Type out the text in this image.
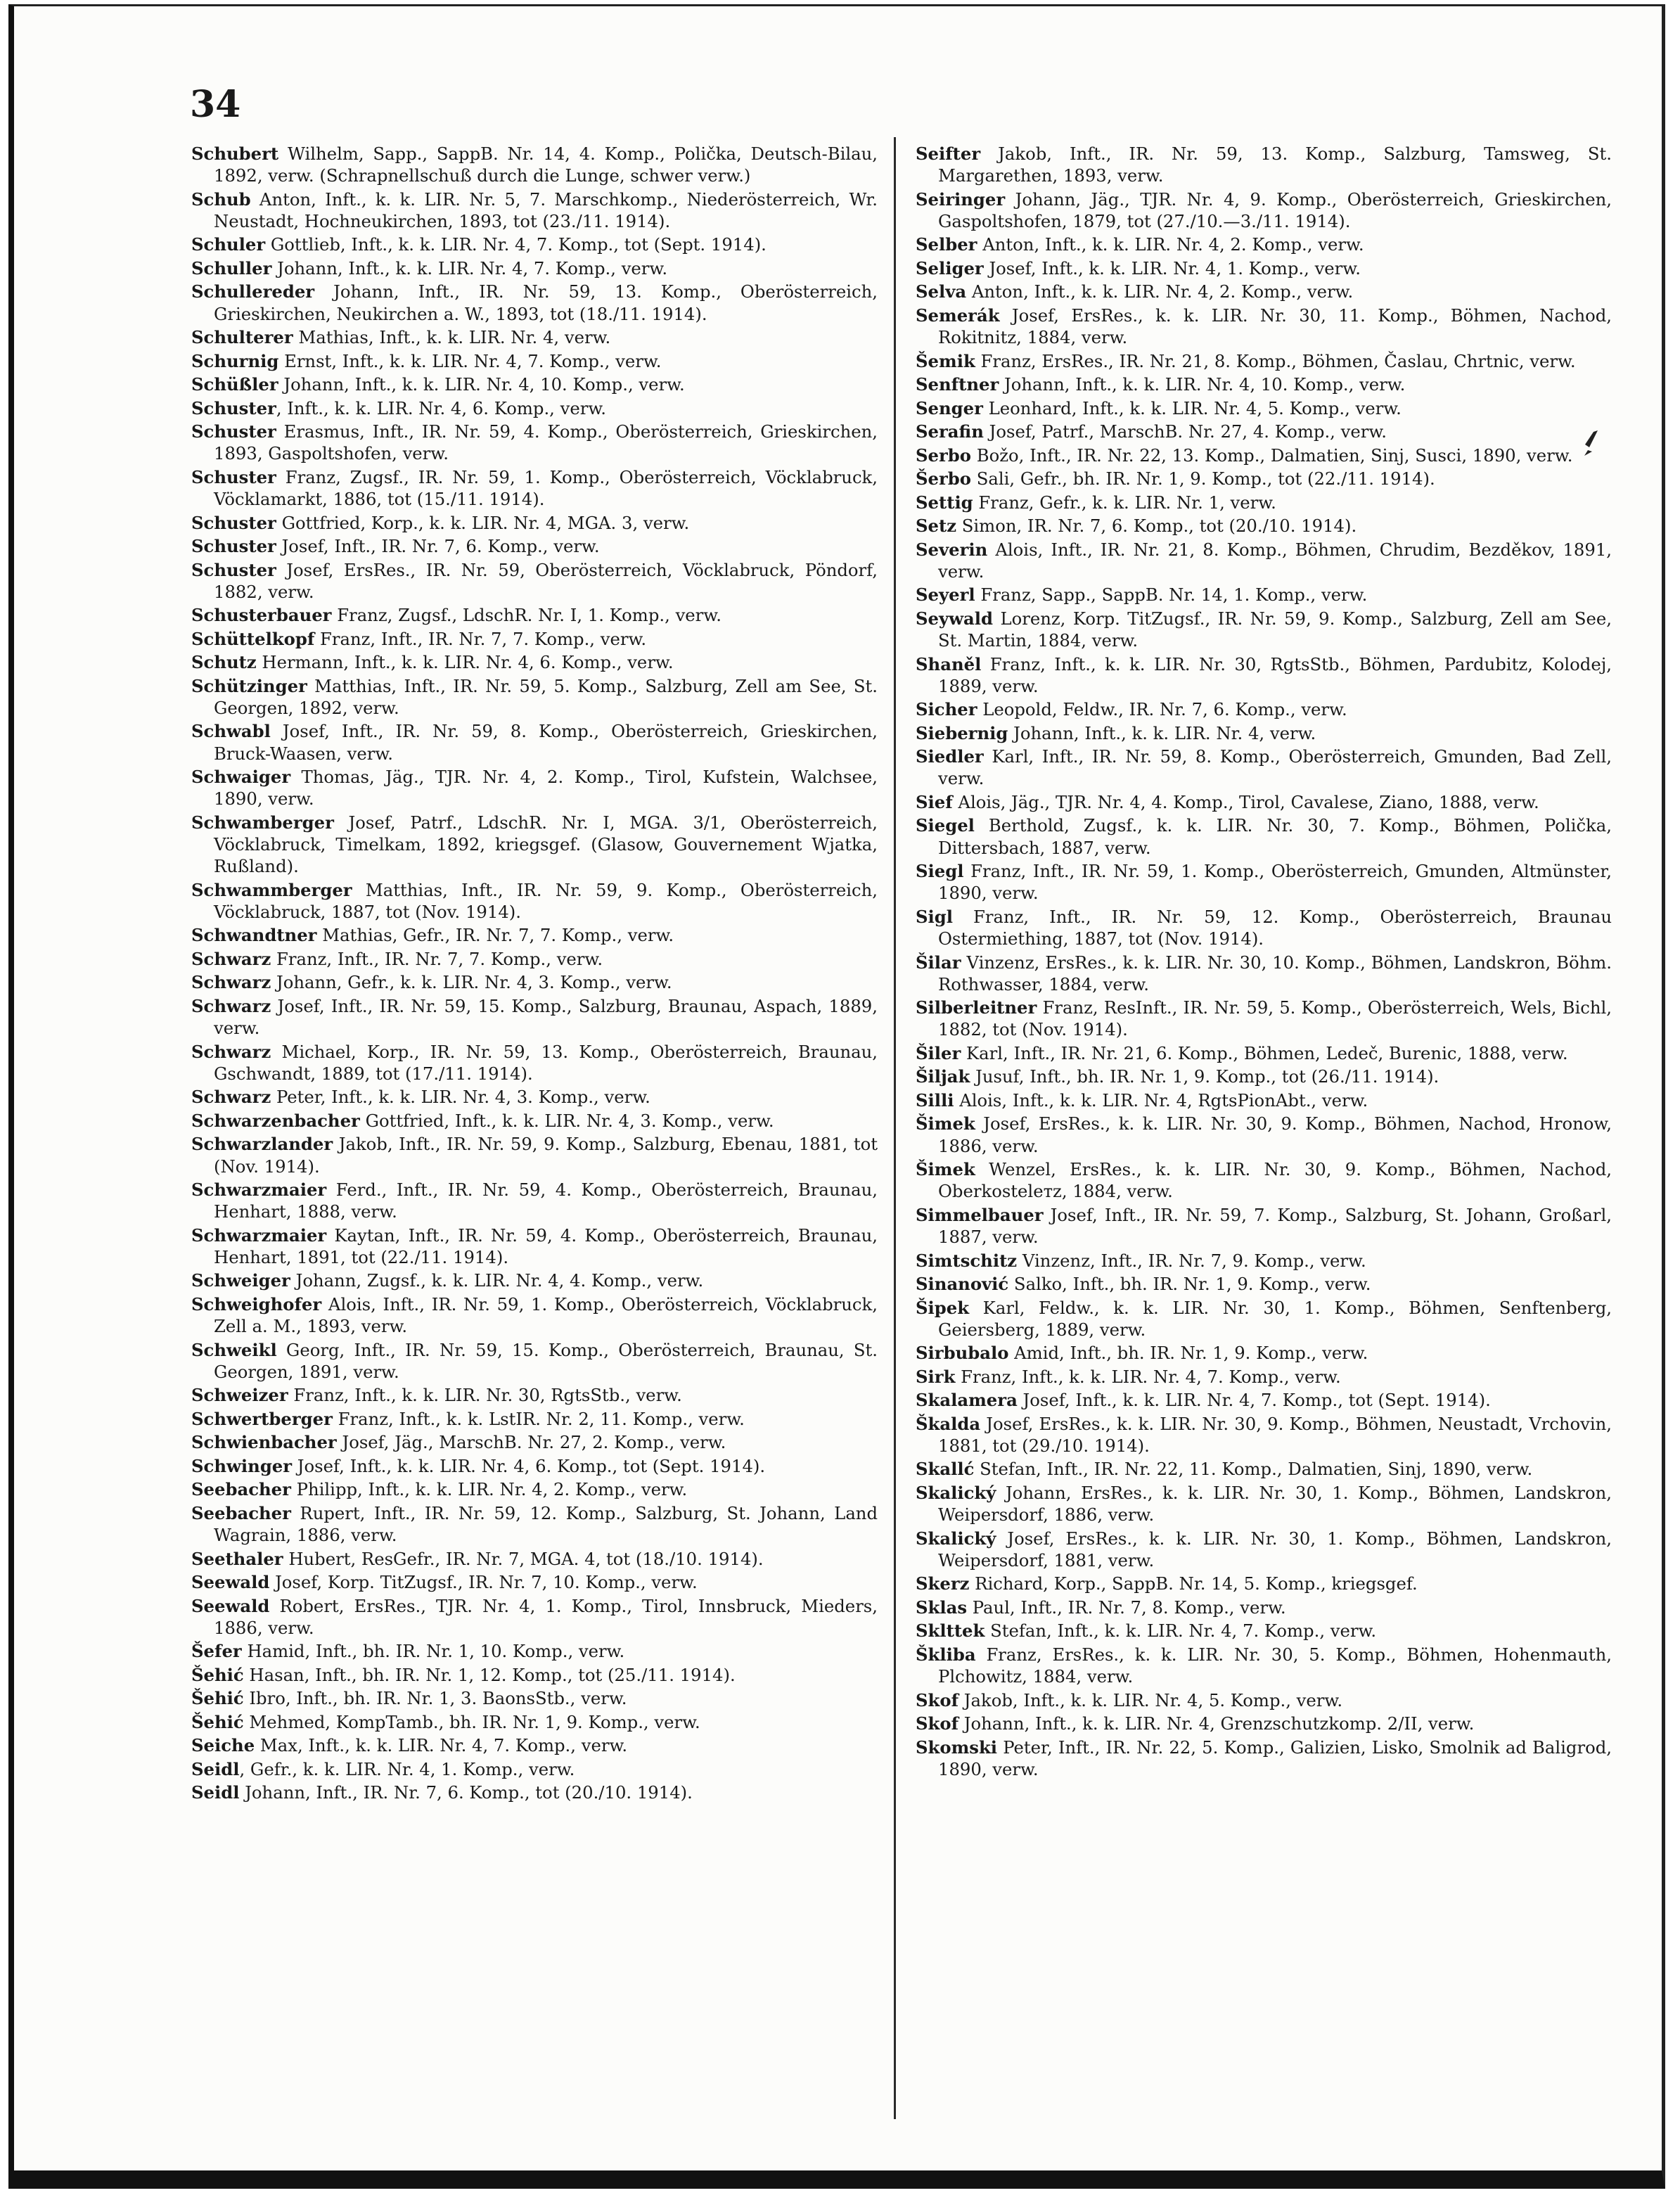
34

Schubert Wilhelm, Sapp., SappB. Nr. 14, 4. Komp., Polička, Deutsch-Bilau, 1892, verw. (Schrapnellschuß durch die Lunge, schwer verw.)

Schub Anton, Inft., k. k. LIR. Nr. 5, 7. Marschkomp., Niederösterreich, Wr. Neustadt, Hochneukirchen, 1893, tot (23./11. 1914).

Schuler Gottlieb, Inft., k. k. LIR. Nr. 4, 7. Komp., tot (Sept. 1914).

Schuller Johann, Inft., k. k. LIR. Nr. 4, 7. Komp., verw.

Schullereder Johann, Inft., IR. Nr. 59, 13. Komp., Oberösterreich, Grieskirchen, Neukirchen a. W., 1893, tot (18./11. 1914).

Schulterer Mathias, Inft., k. k. LIR. Nr. 4, verw.

Schurnig Ernst, Inft., k. k. LIR. Nr. 4, 7. Komp., verw.

Schüßler Johann, Inft., k. k. LIR. Nr. 4, 10. Komp., verw.

Schuster, Inft., k. k. LIR. Nr. 4, 6. Komp., verw.

Schuster Erasmus, Inft., IR. Nr. 59, 4. Komp., Oberösterreich, Grieskirchen, 1893, Gaspoltshofen, verw.

Schuster Franz, Zugsf., IR. Nr. 59, 1. Komp., Oberösterreich, Vöcklabruck, Vöcklamarkt, 1886, tot (15./11. 1914).

Schuster Gottfried, Korp., k. k. LIR. Nr. 4, MGA. 3, verw.

Schuster Josef, Inft., IR. Nr. 7, 6. Komp., verw.

Schuster Josef, ErsRes., IR. Nr. 59, Oberösterreich, Vöcklabruck, Pöndorf, 1882, verw.

Schusterbauer Franz, Zugsf., LdschR. Nr. I, 1. Komp., verw.

Schüttelkopf Franz, Inft., IR. Nr. 7, 7. Komp., verw.

Schutz Hermann, Inft., k. k. LIR. Nr. 4, 6. Komp., verw.

Schützinger Matthias, Inft., IR. Nr. 59, 5. Komp., Salzburg, Zell am See, St. Georgen, 1892, verw.

Schwabl Josef, Inft., IR. Nr. 59, 8. Komp., Oberösterreich, Grieskirchen, Bruck-Waasen, verw.

Schwaiger Thomas, Jäg., TJR. Nr. 4, 2. Komp., Tirol, Kufstein, Walchsee, 1890, verw.

Schwamberger Josef, Patrf., LdschR. Nr. I, MGA. 3/1, Oberösterreich, Vöcklabruck, Timelkam, 1892, kriegsgef. (Glasow, Gouvernement Wjatka, Rußland).

Schwammberger Matthias, Inft., IR. Nr. 59, 9. Komp., Oberösterreich, Vöcklabruck, 1887, tot (Nov. 1914).

Schwandtner Mathias, Gefr., IR. Nr. 7, 7. Komp., verw.

Schwarz Franz, Inft., IR. Nr. 7, 7. Komp., verw.

Schwarz Johann, Gefr., k. k. LIR. Nr. 4, 3. Komp., verw.

Schwarz Josef, Inft., IR. Nr. 59, 15. Komp., Salzburg, Braunau, Aspach, 1889, verw.

Schwarz Michael, Korp., IR. Nr. 59, 13. Komp., Oberösterreich, Braunau, Gschwandt, 1889, tot (17./11. 1914).

Schwarz Peter, Inft., k. k. LIR. Nr. 4, 3. Komp., verw.

Schwarzenbacher Gottfried, Inft., k. k. LIR. Nr. 4, 3. Komp., verw.

Schwarzlander Jakob, Inft., IR. Nr. 59, 9. Komp., Salzburg, Ebenau, 1881, tot (Nov. 1914).

Schwarzmaier Ferd., Inft., IR. Nr. 59, 4. Komp., Oberösterreich, Braunau, Henhart, 1888, verw.

Schwarzmaier Kaytan, Inft., IR. Nr. 59, 4. Komp., Oberösterreich, Braunau, Henhart, 1891, tot (22./11. 1914).

Schweiger Johann, Zugsf., k. k. LIR. Nr. 4, 4. Komp., verw.

Schweighofer Alois, Inft., IR. Nr. 59, 1. Komp., Oberösterreich, Vöcklabruck, Zell a. M., 1893, verw.

Schweikl Georg, Inft., IR. Nr. 59, 15. Komp., Oberösterreich, Braunau, St. Georgen, 1891, verw.

Schweizer Franz, Inft., k. k. LIR. Nr. 30, RgtsStb., verw.

Schwertberger Franz, Inft., k. k. LstIR. Nr. 2, 11. Komp., verw.

Schwienbacher Josef, Jäg., MarschB. Nr. 27, 2. Komp., verw.

Schwinger Josef, Inft., k. k. LIR. Nr. 4, 6. Komp., tot (Sept. 1914).

Seebacher Philipp, Inft., k. k. LIR. Nr. 4, 2. Komp., verw.

Seebacher Rupert, Inft., IR. Nr. 59, 12. Komp., Salzburg, St. Johann, Land Wagrain, 1886, verw.

Seethaler Hubert, ResGefr., IR. Nr. 7, MGA. 4, tot (18./10. 1914).

Seewald Josef, Korp. TitZugsf., IR. Nr. 7, 10. Komp., verw.

Seewald Robert, ErsRes., TJR. Nr. 4, 1. Komp., Tirol, Innsbruck, Mieders, 1886, verw.

Šefer Hamid, Inft., bh. IR. Nr. 1, 10. Komp., verw.

Šehić Hasan, Inft., bh. IR. Nr. 1, 12. Komp., tot (25./11. 1914).

Šehić Ibro, Inft., bh. IR. Nr. 1, 3. BaonsStb., verw.

Šehić Mehmed, KompTamb., bh. IR. Nr. 1, 9. Komp., verw.

Seiche Max, Inft., k. k. LIR. Nr. 4, 7. Komp., verw.

Seidl, Gefr., k. k. LIR. Nr. 4, 1. Komp., verw.

Seidl Johann, Inft., IR. Nr. 7, 6. Komp., tot (20./10. 1914).

Seifter Jakob, Inft., IR. Nr. 59, 13. Komp., Salzburg, Tamsweg, St. Margarethen, 1893, verw.

Seiringer Johann, Jäg., TJR. Nr. 4, 9. Komp., Oberösterreich, Grieskirchen, Gaspoltshofen, 1879, tot (27./10.—3./11. 1914).

Selber Anton, Inft., k. k. LIR. Nr. 4, 2. Komp., verw.

Seliger Josef, Inft., k. k. LIR. Nr. 4, 1. Komp., verw.

Selva Anton, Inft., k. k. LIR. Nr. 4, 2. Komp., verw.

Semerák Josef, ErsRes., k. k. LIR. Nr. 30, 11. Komp., Böhmen, Nachod, Rokitnitz, 1884, verw.

Šemik Franz, ErsRes., IR. Nr. 21, 8. Komp., Böhmen, Časlau, Chrtnic, verw.

Senftner Johann, Inft., k. k. LIR. Nr. 4, 10. Komp., verw.

Senger Leonhard, Inft., k. k. LIR. Nr. 4, 5. Komp., verw.

Serafin Josef, Patrf., MarschB. Nr. 27, 4. Komp., verw.

Serbo Božo, Inft., IR. Nr. 22, 13. Komp., Dalmatien, Sinj, Susci, 1890, verw.

Šerbo Sali, Gefr., bh. IR. Nr. 1, 9. Komp., tot (22./11. 1914).

Settig Franz, Gefr., k. k. LIR. Nr. 1, verw.

Setz Simon, IR. Nr. 7, 6. Komp., tot (20./10. 1914).

Severin Alois, Inft., IR. Nr. 21, 8. Komp., Böhmen, Chrudim, Bezděkov, 1891, verw.

Seyerl Franz, Sapp., SappB. Nr. 14, 1. Komp., verw.

Seywald Lorenz, Korp. TitZugsf., IR. Nr. 59, 9. Komp., Salzburg, Zell am See, St. Martin, 1884, verw.

Shaněl Franz, Inft., k. k. LIR. Nr. 30, RgtsStb., Böhmen, Pardubitz, Kolodej, 1889, verw.

Sicher Leopold, Feldw., IR. Nr. 7, 6. Komp., verw.

Siebernig Johann, Inft., k. k. LIR. Nr. 4, verw.

Siedler Karl, Inft., IR. Nr. 59, 8. Komp., Oberösterreich, Gmunden, Bad Zell, verw.

Sief Alois, Jäg., TJR. Nr. 4, 4. Komp., Tirol, Cavalese, Ziano, 1888, verw.

Siegel Berthold, Zugsf., k. k. LIR. Nr. 30, 7. Komp., Böhmen, Polička, Dittersbach, 1887, verw.

Siegl Franz, Inft., IR. Nr. 59, 1. Komp., Oberösterreich, Gmunden, Altmünster, 1890, verw.

Sigl Franz, Inft., IR. Nr. 59, 12. Komp., Oberösterreich, Braunau Ostermiething, 1887, tot (Nov. 1914).

Šilar Vinzenz, ErsRes., k. k. LIR. Nr. 30, 10. Komp., Böhmen, Landskron, Böhm. Rothwasser, 1884, verw.

Silberleitner Franz, ResInft., IR. Nr. 59, 5. Komp., Oberösterreich, Wels, Bichl, 1882, tot (Nov. 1914).

Šiler Karl, Inft., IR. Nr. 21, 6. Komp., Böhmen, Ledeč, Burenic, 1888, verw.

Šiljak Jusuf, Inft., bh. IR. Nr. 1, 9. Komp., tot (26./11. 1914).

Silli Alois, Inft., k. k. LIR. Nr. 4, RgtsPionAbt., verw.

Šimek Josef, ErsRes., k. k. LIR. Nr. 30, 9. Komp., Böhmen, Nachod, Hronow, 1886, verw.

Šimek Wenzel, ErsRes., k. k. LIR. Nr. 30, 9. Komp., Böhmen, Nachod, Oberkostelетz, 1884, verw.

Simmelbauer Josef, Inft., IR. Nr. 59, 7. Komp., Salzburg, St. Johann, Großarl, 1887, verw.

Simtschitz Vinzenz, Inft., IR. Nr. 7, 9. Komp., verw.

Sinanović Salko, Inft., bh. IR. Nr. 1, 9. Komp., verw.

Šipek Karl, Feldw., k. k. LIR. Nr. 30, 1. Komp., Böhmen, Senftenberg, Geiersberg, 1889, verw.

Sirbubalo Amid, Inft., bh. IR. Nr. 1, 9. Komp., verw.

Sirk Franz, Inft., k. k. LIR. Nr. 4, 7. Komp., verw.

Skalamera Josef, Inft., k. k. LIR. Nr. 4, 7. Komp., tot (Sept. 1914).

Škalda Josef, ErsRes., k. k. LIR. Nr. 30, 9. Komp., Böhmen, Neustadt, Vrchovin, 1881, tot (29./10. 1914).

Skallć Stefan, Inft., IR. Nr. 22, 11. Komp., Dalmatien, Sinj, 1890, verw.

Skalický Johann, ErsRes., k. k. LIR. Nr. 30, 1. Komp., Böhmen, Landskron, Weipersdorf, 1886, verw.

Skalický Josef, ErsRes., k. k. LIR. Nr. 30, 1. Komp., Böhmen, Landskron, Weipersdorf, 1881, verw.

Skerz Richard, Korp., SappB. Nr. 14, 5. Komp., kriegsgef.

Sklas Paul, Inft., IR. Nr. 7, 8. Komp., verw.

Sklttek Stefan, Inft., k. k. LIR. Nr. 4, 7. Komp., verw.

Škliba Franz, ErsRes., k. k. LIR. Nr. 30, 5. Komp., Böhmen, Hohenmauth, Plchowitz, 1884, verw.

Skof Jakob, Inft., k. k. LIR. Nr. 4, 5. Komp., verw.

Skof Johann, Inft., k. k. LIR. Nr. 4, Grenzschutzkomp. 2/II, verw.

Skomski Peter, Inft., IR. Nr. 22, 5. Komp., Galizien, Lisko, Smolnik ad Baligrod, 1890, verw.
